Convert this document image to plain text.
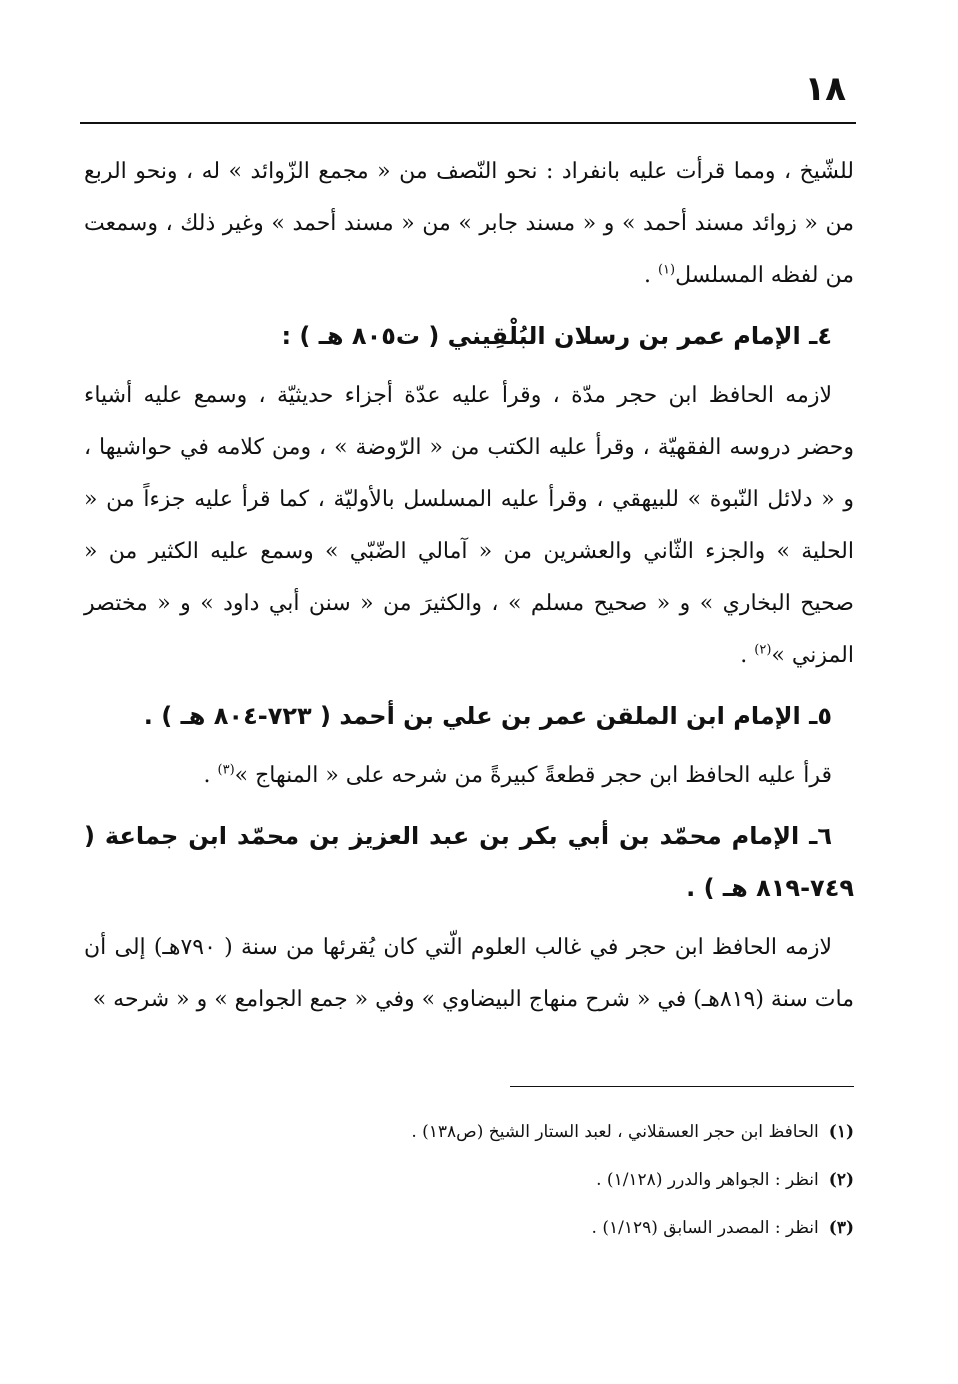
١٨

للشّيخ ، ومما قرأت عليه بانفراد : نحو النّصف من « مجمع الزّوائد » له ، ونحو الربع من « زوائد مسند أحمد » و « مسند جابر » من « مسند أحمد » وغير ذلك ، وسمعت من لفظه المسلسل$^{(١)}$ .

٤ـ الإمام عمر بن رسلان البُلْقِيني ( ت٨٠٥ هـ ) :

لازمه الحافظ ابن حجر مدّة ، وقرأ عليه عدّة أجزاء حديثيّة ، وسمع عليه أشياء وحضر دروسه الفقهيّة ، وقرأ عليه الكتب من « الرّوضة » ، ومن كلامه في حواشيها ، و « دلائل النّبوة » للبيهقي ، وقرأ عليه المسلسل بالأوليّة ، كما قرأ عليه جزءاً من « الحلية » والجزء الثّاني والعشرين من « آمالي الضّبّي » وسمع عليه الكثير من « صحيح البخاري » و « صحيح مسلم » ، والكثيرَ من « سنن أبي داود » و « مختصر المزني »$^{(٢)}$ .

٥ـ الإمام ابن الملقن عمر بن علي بن أحمد ( ٧٢٣-٨٠٤ هـ ) .

قرأ عليه الحافظ ابن حجر قطعةً كبيرةً من شرحه على « المنهاج »$^{(٣)}$ .

٦ـ الإمام محمّد بن أبي بكر بن عبد العزيز بن محمّد ابن جماعة ( ٧٤٩-٨١٩ هـ ) .

لازمه الحافظ ابن حجر في غالب العلوم الّتي كان يُقرئها من سنة ( ٧٩٠هـ) إلى أن مات سنة (٨١٩هـ) في « شرح منهاج البيضاوي » وفي « جمع الجوامع » و « شرحه »

(١)الحافظ ابن حجر العسقلاني ، لعبد الستار الشيخ (ص١٣٨) .

(٢)انظر : الجواهر والدرر (١/١٢٨) .

(٣)انظر : المصدر السابق (١/١٢٩) .
